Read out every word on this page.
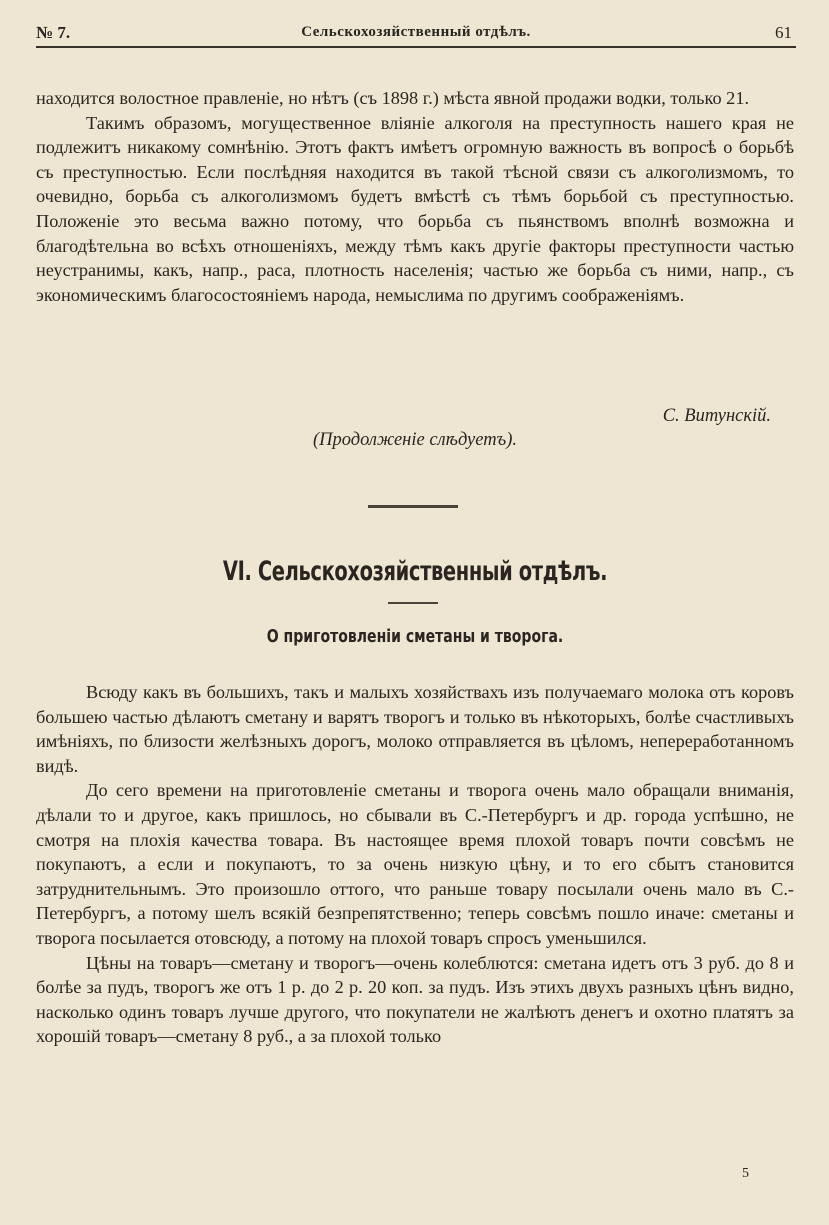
№ 7.	Сельскохозяйственный отдѣлъ.	61

находится волостное правленіе, но нѣтъ (съ 1898 г.) мѣста явной продажи водки, только 21.

Такимъ образомъ, могущественное вліяніе алкоголя на преступность нашего края не подлежитъ никакому сомнѣнію. Этотъ фактъ имѣетъ огромную важность въ вопросѣ о борьбѣ съ преступностью. Если послѣдняя находится въ такой тѣсной связи съ алкоголизмомъ, то очевидно, борьба съ алкоголизмомъ будетъ вмѣстѣ съ тѣмъ борьбой съ преступностью. Положеніе это весьма важно потому, что борьба съ пьянствомъ вполнѣ возможна и благодѣтельна во всѣхъ отношеніяхъ, между тѣмъ какъ другіе факторы преступности частью неустранимы, какъ, напр., раса, плотность населенія; частью же борьба съ ними, напр., съ экономическимъ благосостояніемъ народа, немыслима по другимъ соображеніямъ.

С. Витунскій.
(Продолженіе слѣдуетъ).
VI. Сельскохозяйственный отдѣлъ.
О приготовленіи сметаны и творога.

Всюду какъ въ большихъ, такъ и малыхъ хозяйствахъ изъ получаемаго молока отъ коровъ большею частью дѣлаютъ сметану и варятъ творогъ и только въ нѣкоторыхъ, болѣе счастливыхъ имѣніяхъ, по близости желѣзныхъ дорогъ, молоко отправляется въ цѣломъ, непереработанномъ видѣ.

До сего времени на приготовленіе сметаны и творога очень мало обращали вниманія, дѣлали то и другое, какъ пришлось, но сбывали въ С.-Петербургъ и др. города успѣшно, не смотря на плохія качества товара. Въ настоящее время плохой товаръ почти совсѣмъ не покупаютъ, а если и покупаютъ, то за очень низкую цѣну, и то его сбытъ становится затруднительнымъ. Это произошло оттого, что раньше товару посылали очень мало въ С.-Петербургъ, а потому шелъ всякій безпрепятственно; теперь совсѣмъ пошло иначе: сметаны и творога посылается отовсюду, а потому на плохой товаръ спросъ уменьшился.

Цѣны на товаръ—сметану и творогъ—очень колеблются: сметана идетъ отъ 3 руб. до 8 и болѣе за пудъ, творогъ же отъ 1 р. до 2 р. 20 коп. за пудъ. Изъ этихъ двухъ разныхъ цѣнъ видно, насколько одинъ товаръ лучше другого, что покупатели не жалѣютъ денегъ и охотно платятъ за хорошій товаръ—сметану 8 руб., а за плохой только

5
